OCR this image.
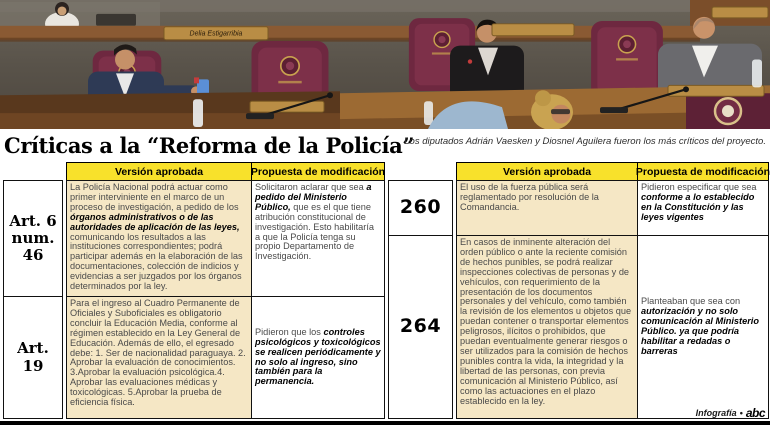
Delia Estigarribia
Críticas a la “Reforma de la Policía”
Los diputados Adrián Vaesken y Diosnel Aguilera fueron los más críticos del proyecto.
Versión aprobada	Propuesta de modificación
Art. 6 num. 46
Art. 19
La Policía Nacional podrá actuar como primer interviniente en el marco de un proceso de investigación, a pedido de los órganos administrativos o de las autoridades de aplicación de las leyes, comunicando los resultados a las instituciones correspondientes; podrá participar además en la elaboración de las documentaciones, colección de indicios y evidencias a ser juzgados por los órganos determinados por la ley.
Solicitaron aclarar que sea a pedido del Ministerio Público, que es el que tiene atribución constitucional de investigación. Esto habilitaría a que la Policía tenga su propio Departamento de Investigación.
Para el ingreso al Cuadro Permanente de Oficiales y Suboficiales es obligatorio concluir la Educación Media, conforme al régimen establecido en la Ley General de Educación. Además de ello, el egresado debe: 1. Ser de nacionalidad paraguaya. 2. Aprobar la evaluación de conocimientos. 3.Aprobar la evaluación psicológica.4. Aprobar las evaluaciones médicas y toxicológicas. 5.Aprobar la prueba de eficiencia física.
Pidieron que los controles psicológicos y toxicológicos se realicen periódicamente y no solo al ingreso, sino también para la permanencia.
Versión aprobada	Propuesta de modificación
260
264
El uso de la fuerza pública será reglamentado por resolución de la Comandancia.
Pidieron especificar que sea conforme a lo establecido en la Constitución y las leyes vigentes
En casos de inminente alteración del orden público o ante la reciente comisión de hechos punibles, se podrá realizar inspecciones colectivas de personas y de vehículos, con requerimiento de la presentación de los documentos personales y del vehículo, como también la revisión de los elementos u objetos que puedan contener o transportar elementos peligrosos, ilícitos o prohibidos, que puedan eventualmente generar riesgos o ser utilizados para la comisión de hechos punibles contra la vida, la integridad y la libertad de las personas, con previa comunicación al Ministerio Público, así como las actuaciones en el plazo establecido en la ley.
Planteaban que sea con autorización y no solo comunicación al Ministerio Público. ya que podría habilitar a redadas o barreras
Infografía • abc
